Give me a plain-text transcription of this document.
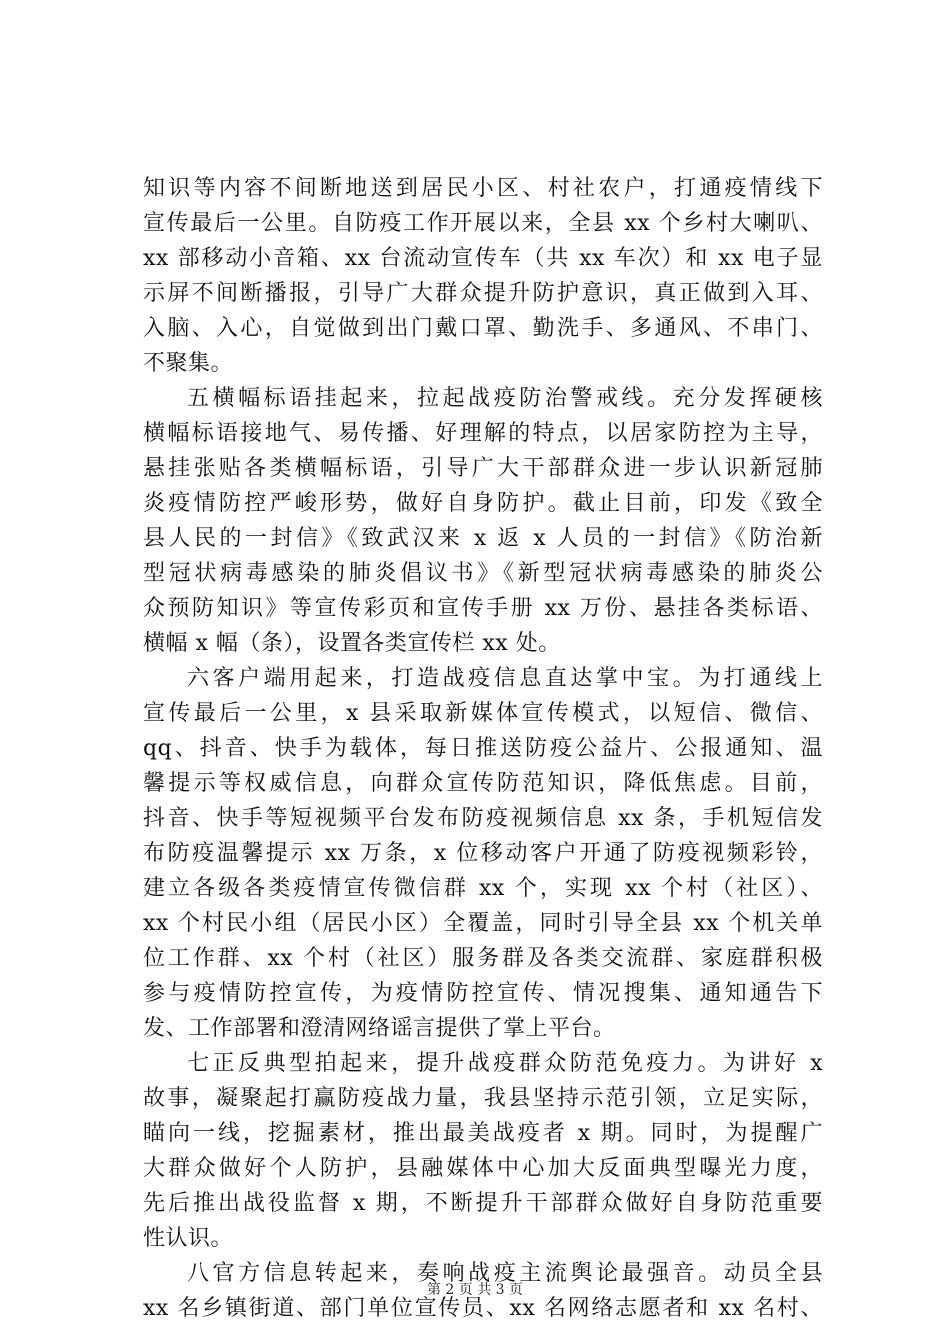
知识等内容不间断地送到居民小区、村社农户，打通疫情线下
宣传最后一公里。自防疫工作开展以来，全县 xx 个乡村大喇叭、
xx 部移动小音箱、xx 台流动宣传车（共 xx 车次）和 xx 电子显
示屏不间断播报，引导广大群众提升防护意识，真正做到入耳、
入脑、入心，自觉做到出门戴口罩、勤洗手、多通风、不串门、
不聚集。
五横幅标语挂起来，拉起战疫防治警戒线。充分发挥硬核
横幅标语接地气、易传播、好理解的特点，以居家防控为主导，
悬挂张贴各类横幅标语，引导广大干部群众进一步认识新冠肺
炎疫情防控严峻形势，做好自身防护。截止目前，印发《致全
县人民的一封信》《致武汉来 x 返 x 人员的一封信》《防治新
型冠状病毒感染的肺炎倡议书》《新型冠状病毒感染的肺炎公
众预防知识》等宣传彩页和宣传手册 xx 万份、悬挂各类标语、
横幅 x 幅（条），设置各类宣传栏 xx 处。
六客户端用起来，打造战疫信息直达掌中宝。为打通线上
宣传最后一公里，x 县采取新媒体宣传模式，以短信、微信、
qq、抖音、快手为载体，每日推送防疫公益片、公报通知、温
馨提示等权威信息，向群众宣传防范知识，降低焦虑。目前，
抖音、快手等短视频平台发布防疫视频信息 xx 条，手机短信发
布防疫温馨提示 xx 万条，x 位移动客户开通了防疫视频彩铃，
建立各级各类疫情宣传微信群 xx 个，实现 xx 个村（社区）、
xx 个村民小组（居民小区）全覆盖，同时引导全县 xx 个机关单
位工作群、xx 个村（社区）服务群及各类交流群、家庭群积极
参与疫情防控宣传，为疫情防控宣传、情况搜集、通知通告下
发、工作部署和澄清网络谣言提供了掌上平台。
七正反典型拍起来，提升战疫群众防范免疫力。为讲好 x
故事，凝聚起打赢防疫战力量，我县坚持示范引领，立足实际，
瞄向一线，挖掘素材，推出最美战疫者 x 期。同时，为提醒广
大群众做好个人防护，县融媒体中心加大反面典型曝光力度，
先后推出战役监督 x 期，不断提升干部群众做好自身防范重要
性认识。
八官方信息转起来，奏响战疫主流舆论最强音。动员全县
xx 名乡镇街道、部门单位宣传员、xx 名网络志愿者和 xx 名村、
第 2 页 共 3 页
